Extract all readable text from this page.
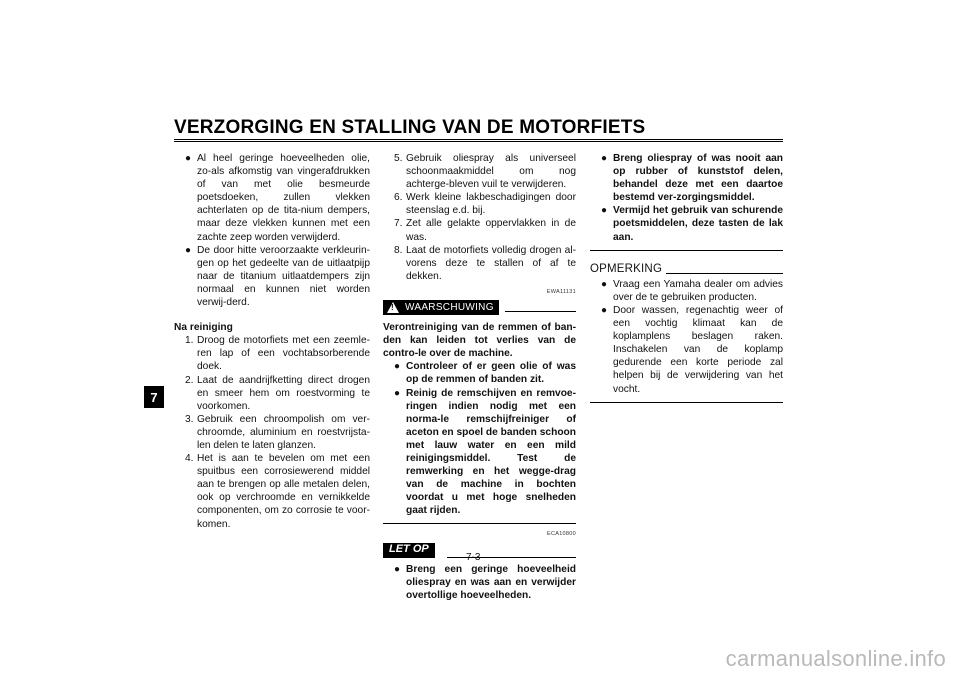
VERZORGING EN STALLING VAN DE MOTORFIETS
7
● Al heel geringe hoeveelheden olie, zo-als afkomstig van vingerafdrukken of van met olie besmeurde poetsdoeken, zullen vlekken achterlaten op de tita-nium dempers, maar deze vlekken kunnen met een zachte zeep worden verwijderd.
● De door hitte veroorzaakte verkleurin-gen op het gedeelte van de uitlaatpijp naar de titanium uitlaatdempers zijn normaal en kunnen niet worden verwij-derd.
Na reiniging
1. Droog de motorfiets met een zeemle-ren lap of een vochtabsorberende doek.
2. Laat de aandrijfketting direct drogen en smeer hem om roestvorming te voorkomen.
3. Gebruik een chroompolish om ver-chroomde, aluminium en roestvrijsta-len delen te laten glanzen.
4. Het is aan te bevelen om met een spuitbus een corrosiewerend middel aan te brengen op alle metalen delen, ook op verchroomde en vernikkelde componenten, om zo corrosie te voor-komen.
5. Gebruik oliespray als universeel schoonmaakmiddel om nog achterge-bleven vuil te verwijderen.
6. Werk kleine lakbeschadigingen door steenslag e.d. bij.
7. Zet alle gelakte oppervlakken in de was.
8. Laat de motorfiets volledig drogen al-vorens deze te stallen of af te dekken.
EWA11131
! WAARSCHUWING
Verontreiniging van de remmen of ban-den kan leiden tot verlies van de contro-le over de machine.
● Controleer of er geen olie of was op de remmen of banden zit.
● Reinig de remschijven en remvoe-ringen indien nodig met een norma-le remschijfreiniger of aceton en spoel de banden schoon met lauw water en een mild reinigingsmiddel. Test de remwerking en het wegge-drag van de machine in bochten voordat u met hoge snelheden gaat rijden.
ECA10800
LET OP
● Breng een geringe hoeveelheid oliespray en was aan en verwijder overtollige hoeveelheden.
● Breng oliespray of was nooit aan op rubber of kunststof delen, behandel deze met een daartoe bestemd ver-zorgingsmiddel.
● Vermijd het gebruik van schurende poetsmiddelen, deze tasten de lak aan.
OPMERKING
● Vraag een Yamaha dealer om advies over de te gebruiken producten.
● Door wassen, regenachtig weer of een vochtig klimaat kan de koplamplens beslagen raken. Inschakelen van de koplamp gedurende een korte periode zal helpen bij de verwijdering van het vocht.
7-3
carmanualsonline.info
